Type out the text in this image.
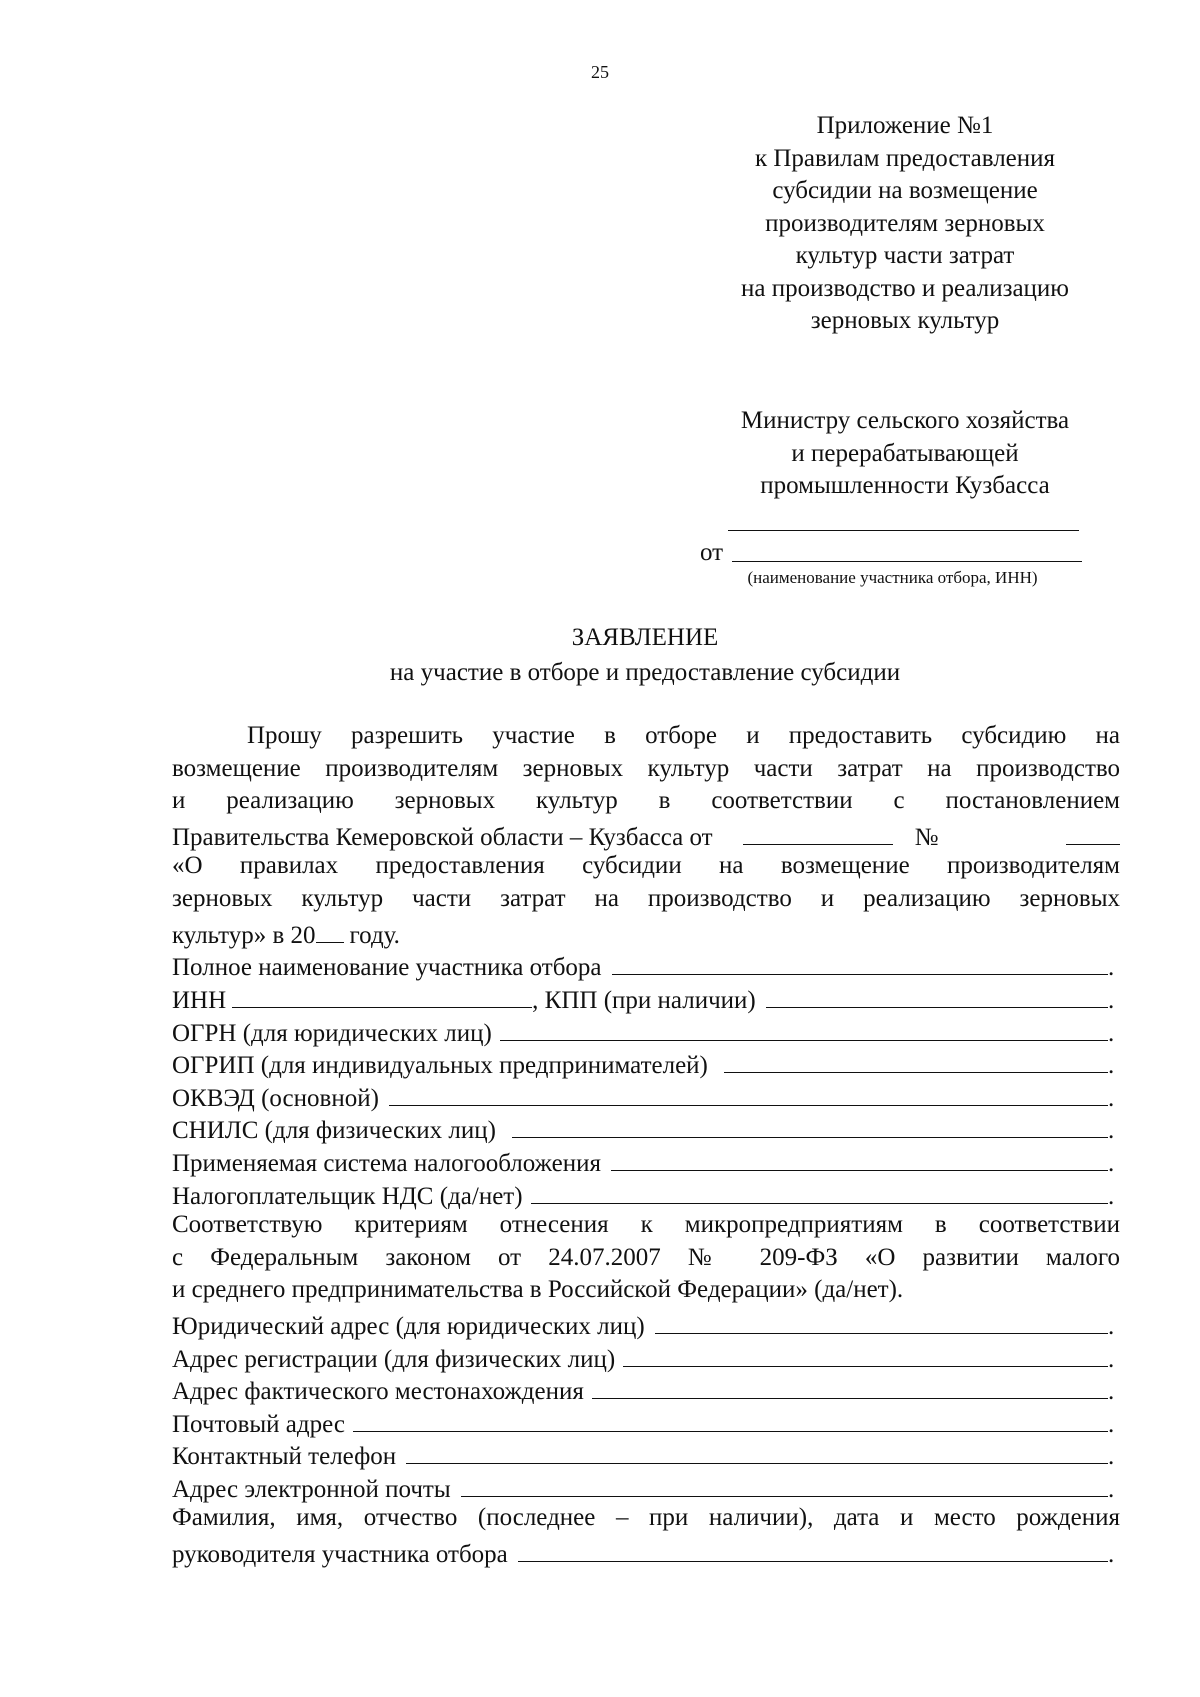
25
Приложение №1
к Правилам предоставления
субсидии на возмещение
производителям зерновых
культур части затрат
на производство и реализацию
зерновых культур
Министру сельского хозяйства
и перерабатывающей
промышленности Кузбасса
от
(наименование участника отбора, ИНН)
ЗАЯВЛЕНИЕ
на участие в отборе и предоставление субсидии
Прошу разрешить участие в отборе и предоставить субсидию на
возмещение производителям зерновых культур части затрат на производство
и реализацию зерновых культур в соответствии с постановлением
Правительства Кемеровской области – Кузбасса от	№
«О правилах предоставления субсидии на возмещение производителям
зерновых культур части затрат на производство и реализацию зерновых
культур» в 20 году.
Полное наименование участника отбора	.
ИНН	, КПП (при наличии)	.
ОГРН (для юридических лиц)	.
ОГРИП (для индивидуальных предпринимателей)	.
ОКВЭД (основной)	.
СНИЛС (для физических лиц)	.
Применяемая система налогообложения	.
Налогоплательщик НДС (да/нет)	.
Соответствую критериям отнесения к микропредприятиям в соответствии
с Федеральным законом от 24.07.2007 № 209-ФЗ «О развитии малого
и среднего предпринимательства в Российской Федерации» (да/нет).
Юридический адрес (для юридических лиц)	.
Адрес регистрации (для физических лиц)	.
Адрес фактического местонахождения	.
Почтовый адрес	.
Контактный телефон	.
Адрес электронной почты	.
Фамилия, имя, отчество (последнее – при наличии), дата и место рождения
руководителя участника отбора	.
